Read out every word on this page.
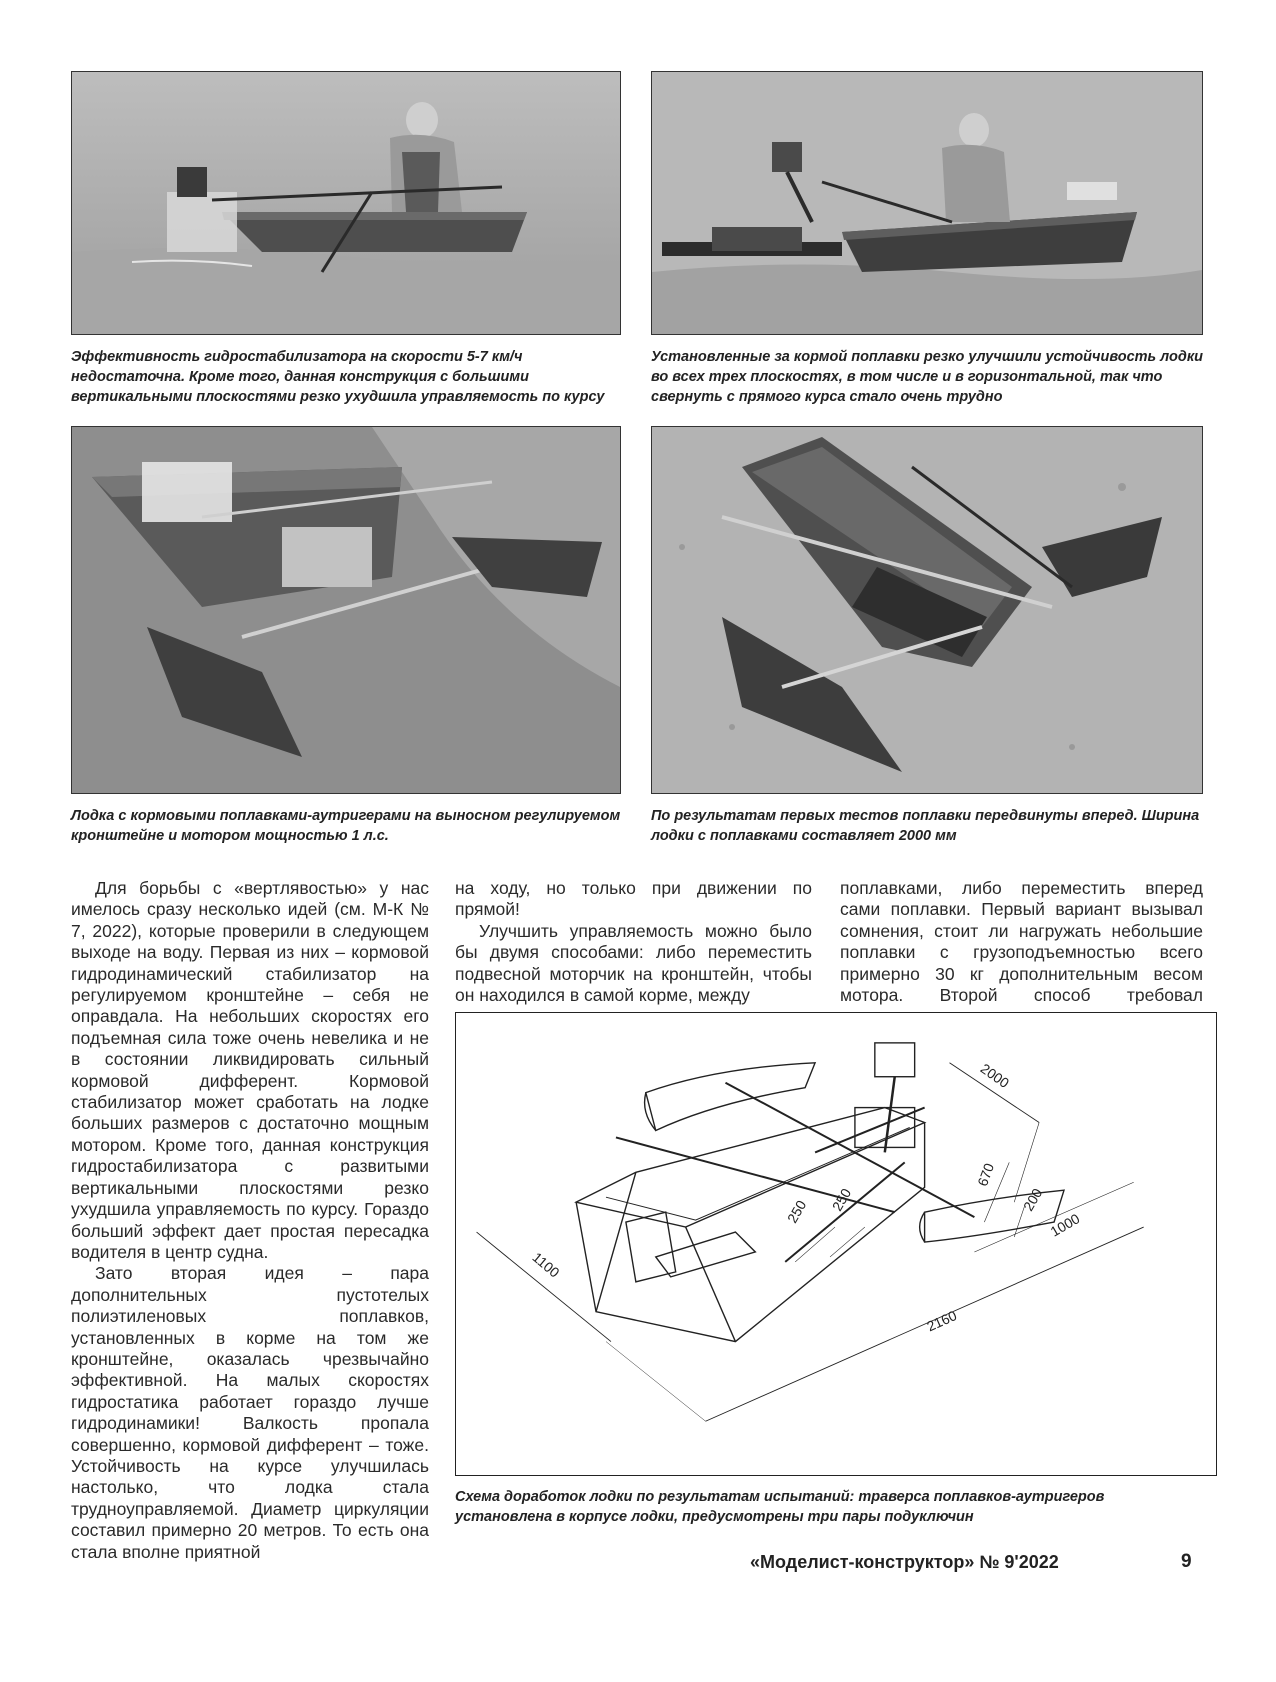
Эффективность гидростабилизатора на скорости 5-7 км/ч недостаточна. Кроме того, данная конструкция с большими вертикальными плоскостями резко ухудшила управляемость по курсу

Установленные за кормой поплавки резко улучшили устойчивость лодки во всех трех плоскостях, в том числе и в горизонтальной, так что свернуть с прямого курса стало очень трудно

Лодка с кормовыми поплавками-аутригерами на выносном регулируемом кронштейне и мотором мощностью 1 л.с.

По результатам первых тестов поплавки передвинуты вперед. Ширина лодки с поплавками составляет 2000 мм

Для борьбы с «вертлявостью» у нас имелось сразу несколько идей (см. М-К № 7, 2022), которые проверили в следующем выходе на воду. Первая из них – кормовой гидродинамический стабилизатор на регулируемом кронштейне – себя не оправдала. На небольших скоростях его подъемная сила тоже очень невелика и не в состоянии ликвидировать сильный кормовой дифферент. Кормовой стабилизатор может сработать на лодке больших размеров с достаточно мощным мотором. Кроме того, данная конструкция гидростабилизатора с развитыми вертикальными плоскостями резко ухудшила управляемость по курсу. Гораздо больший эффект дает простая пересадка водителя в центр судна.

Зато вторая идея – пара дополнительных пустотелых полиэтиленовых поплавков, установленных в корме на том же кронштейне, оказалась чрезвычайно эффективной. На малых скоростях гидростатика работает гораздо лучше гидродинамики! Валкость пропала совершенно, кормовой дифферент – тоже. Устойчивость на курсе улучшилась настолько, что лодка стала трудноуправляемой. Диаметр циркуляции составил примерно 20 метров. То есть она стала вполне приятной

на ходу, но только при движении по прямой!

Улучшить управляемость можно было бы двумя способами: либо переместить подвесной моторчик на кронштейн, чтобы он находился в самой корме, между

поплавками, либо переместить вперед сами поплавки. Первый вариант вызывал сомнения, стоит ли нагружать небольшие поплавки с грузоподъемностью всего примерно 30 кг дополнительным весом мотора. Второй способ требовал

2000
670
250 250	200
1000
1100
2160

Схема доработок лодки по результатам испытаний: траверса поплавков-аутригеров установлена в корпусе лодки, предусмотрены три пары подуключин

«Моделист-конструктор» № 9'2022	9
